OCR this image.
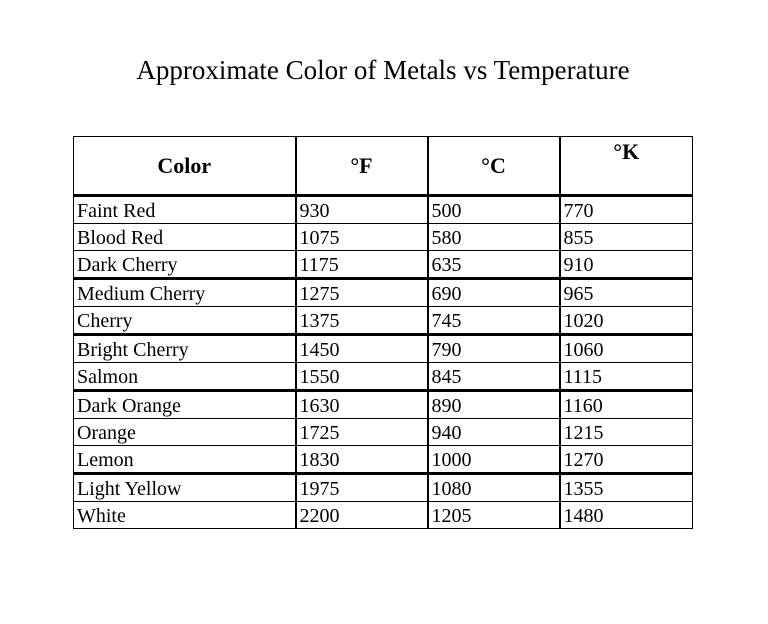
Approximate Color of Metals vs Temperature
Color	°F	°C	°K
Faint Red	930	500	770
Blood Red	1075	580	855
Dark Cherry	1175	635	910
Medium Cherry	1275	690	965
Cherry	1375	745	1020
Bright Cherry	1450	790	1060
Salmon	1550	845	1115
Dark Orange	1630	890	1160
Orange	1725	940	1215
Lemon	1830	1000	1270
Light Yellow	1975	1080	1355
White	2200	1205	1480
